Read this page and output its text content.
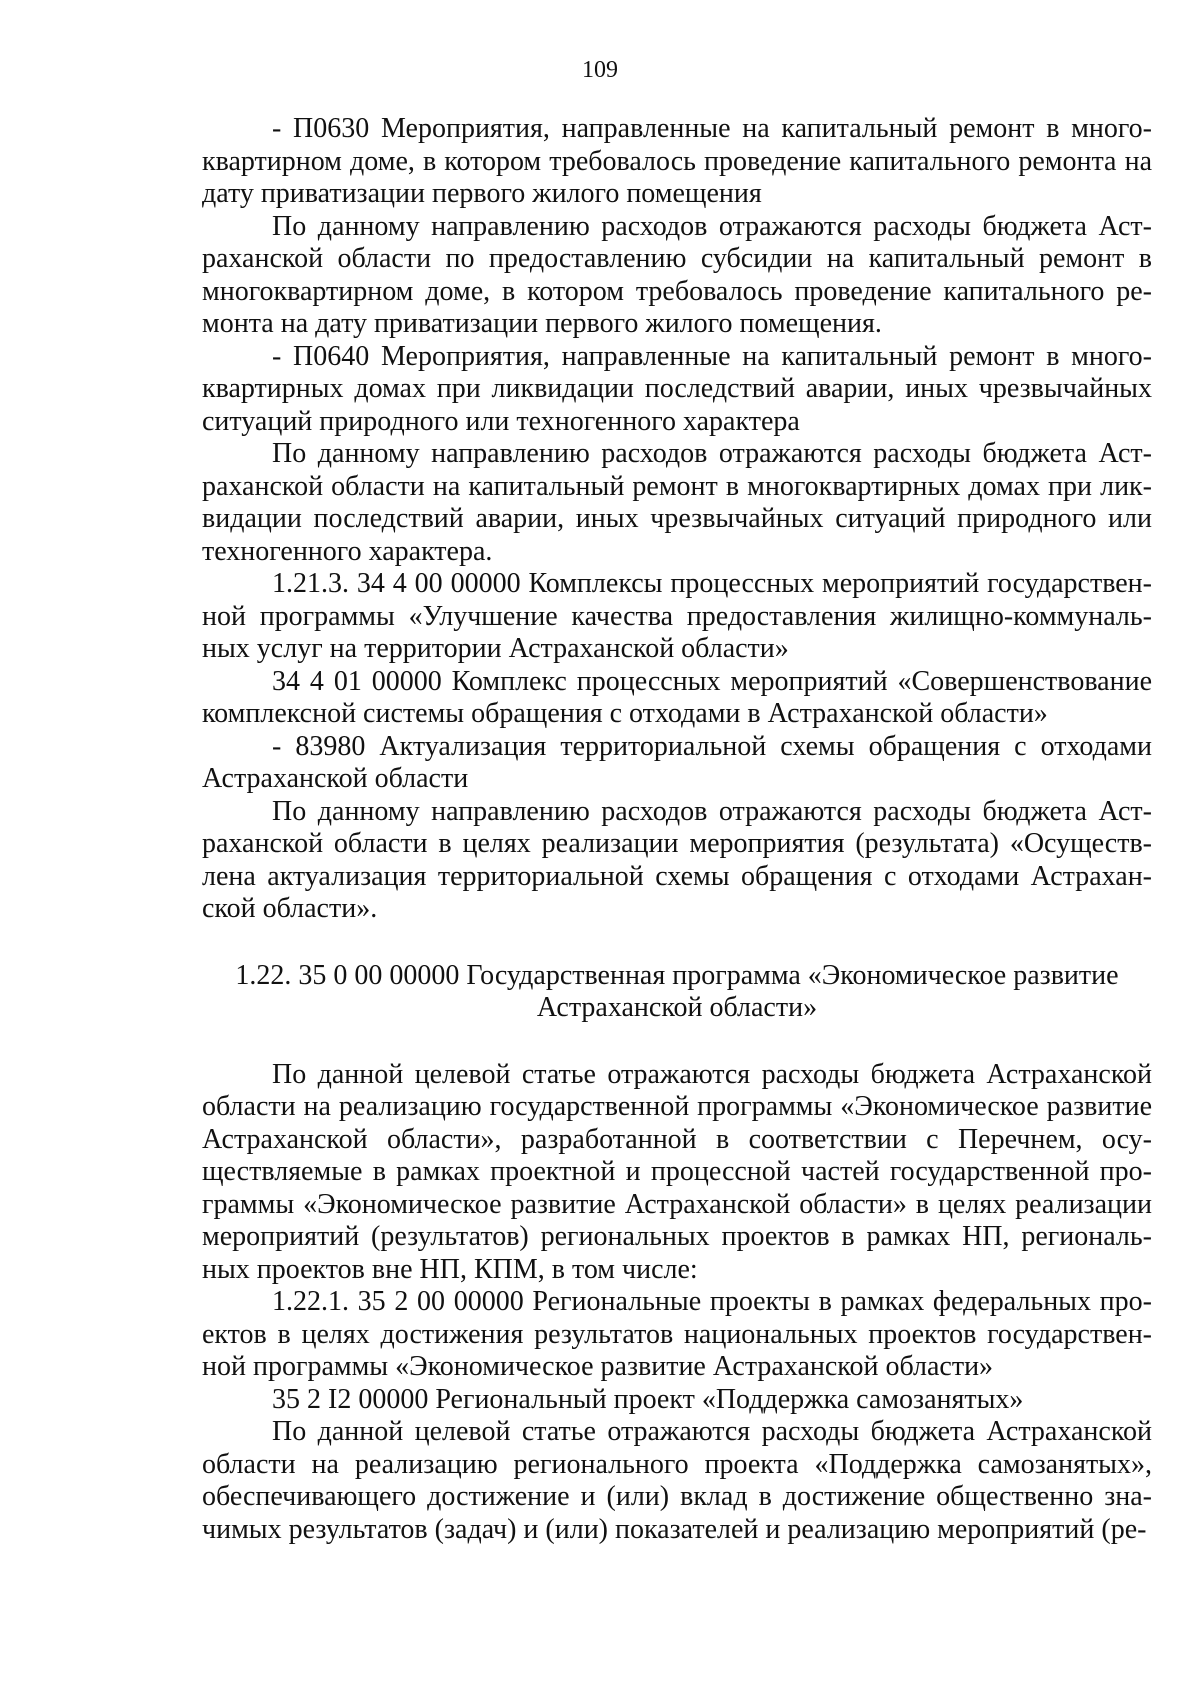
109

- П0630 Мероприятия, направленные на капитальный ремонт в многоквартирном доме, в котором требовалось проведение капитального ремонта на дату приватизации первого жилого помещения

По данному направлению расходов отражаются расходы бюджета Астраханской области по предоставлению субсидии на капитальный ремонт в многоквартирном доме, в котором требовалось проведение капитального ремонта на дату приватизации первого жилого помещения.

- П0640 Мероприятия, направленные на капитальный ремонт в многоквартирных домах при ликвидации последствий аварии, иных чрезвычайных ситуаций природного или техногенного характера

По данному направлению расходов отражаются расходы бюджета Астраханской области на капитальный ремонт в многоквартирных домах при ликвидации последствий аварии, иных чрезвычайных ситуаций природного или техногенного характера.

1.21.3. 34 4 00 00000 Комплексы процессных мероприятий государственной программы «Улучшение качества предоставления жилищно-коммунальных услуг на территории Астраханской области»

34 4 01 00000 Комплекс процессных мероприятий «Совершенствование комплексной системы обращения с отходами в Астраханской области»

- 83980 Актуализация территориальной схемы обращения с отходами Астраханской области

По данному направлению расходов отражаются расходы бюджета Астраханской области в целях реализации мероприятия (результата) «Осуществлена актуализация территориальной схемы обращения с отходами Астраханской области».

1.22. 35 0 00 00000 Государственная программа «Экономическое развитие Астраханской области»

По данной целевой статье отражаются расходы бюджета Астраханской области на реализацию государственной программы «Экономическое развитие Астраханской области», разработанной в соответствии с Перечнем, осуществляемые в рамках проектной и процессной частей государственной программы «Экономическое развитие Астраханской области» в целях реализации мероприятий (результатов) региональных проектов в рамках НП, региональных проектов вне НП, КПМ, в том числе:

1.22.1. 35 2 00 00000 Региональные проекты в рамках федеральных проектов в целях достижения результатов национальных проектов государственной программы «Экономическое развитие Астраханской области»

35 2 I2 00000 Региональный проект «Поддержка самозанятых»

По данной целевой статье отражаются расходы бюджета Астраханской области на реализацию регионального проекта «Поддержка самозанятых», обеспечивающего достижение и (или) вклад в достижение общественно значимых результатов (задач) и (или) показателей и реализацию мероприятий (ре-
